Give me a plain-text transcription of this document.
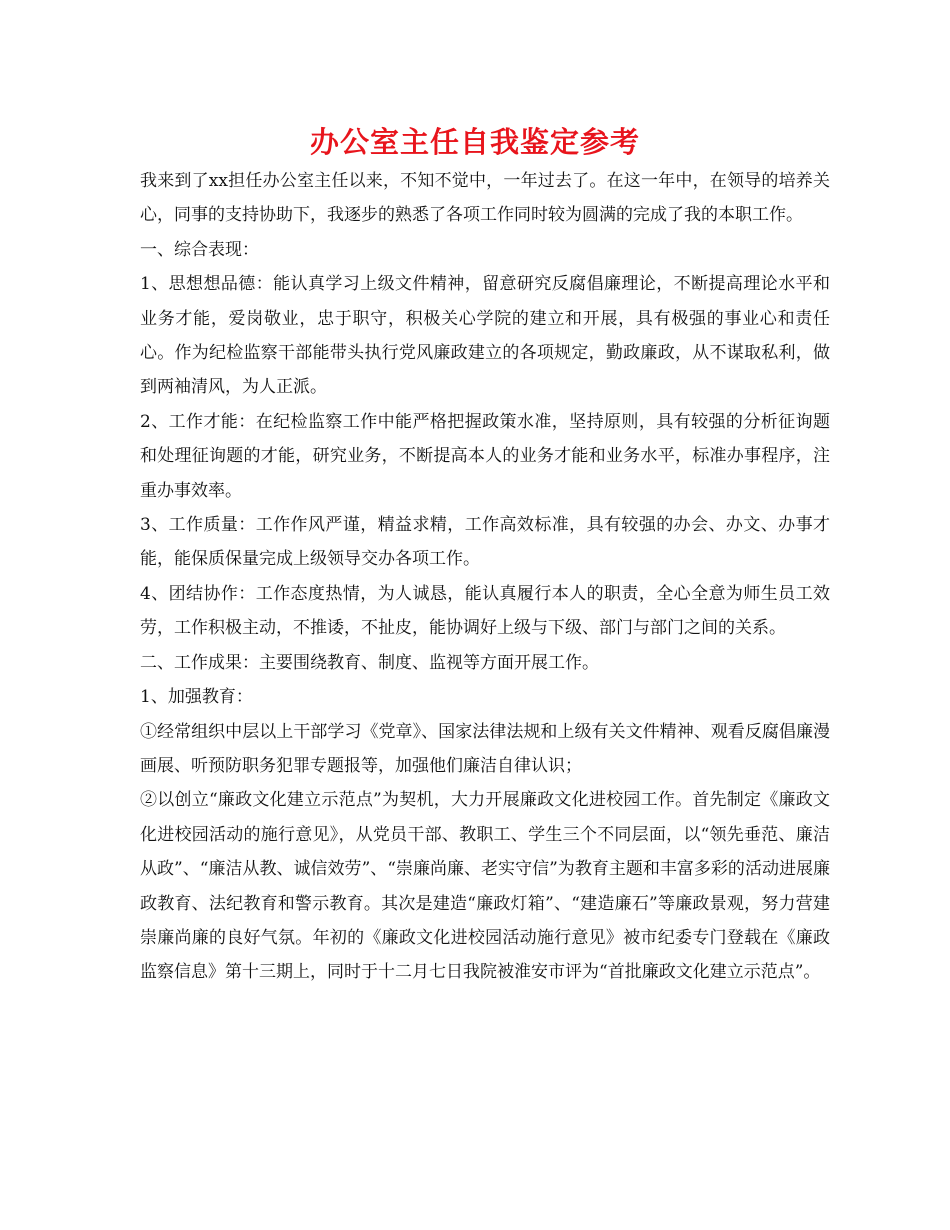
办公室主任自我鉴定参考

我来到了xx担任办公室主任以来，不知不觉中，一年过去了。在这一年中，在领导的培养关心，同事的支持协助下，我逐步的熟悉了各项工作同时较为圆满的完成了我的本职工作。

一、综合表现：

1、思想想品德：能认真学习上级文件精神，留意研究反腐倡廉理论，不断提高理论水平和业务才能，爱岗敬业，忠于职守，积极关心学院的建立和开展，具有极强的事业心和责任心。作为纪检监察干部能带头执行党风廉政建立的各项规定，勤政廉政，从不谋取私利，做到两袖清风，为人正派。

2、工作才能：在纪检监察工作中能严格把握政策水准，坚持原则，具有较强的分析征询题和处理征询题的才能，研究业务，不断提高本人的业务才能和业务水平，标准办事程序，注重办事效率。

3、工作质量：工作作风严谨，精益求精，工作高效标准，具有较强的办会、办文、办事才能，能保质保量完成上级领导交办各项工作。

4、团结协作：工作态度热情，为人诚恳，能认真履行本人的职责，全心全意为师生员工效劳，工作积极主动，不推诿，不扯皮，能协调好上级与下级、部门与部门之间的关系。

二、工作成果：主要围绕教育、制度、监视等方面开展工作。

1、加强教育：

①经常组织中层以上干部学习《党章》、国家法律法规和上级有关文件精神、观看反腐倡廉漫画展、听预防职务犯罪专题报等，加强他们廉洁自律认识；

②以创立“廉政文化建立示范点”为契机，大力开展廉政文化进校园工作。首先制定《廉政文化进校园活动的施行意见》，从党员干部、教职工、学生三个不同层面，以“领先垂范、廉洁从政”、“廉洁从教、诚信效劳”、“崇廉尚廉、老实守信”为教育主题和丰富多彩的活动进展廉政教育、法纪教育和警示教育。其次是建造“廉政灯箱”、“建造廉石”等廉政景观，努力营建崇廉尚廉的良好气氛。年初的《廉政文化进校园活动施行意见》被市纪委专门登载在《廉政监察信息》第十三期上，同时于十二月七日我院被淮安市评为“首批廉政文化建立示范点”。
